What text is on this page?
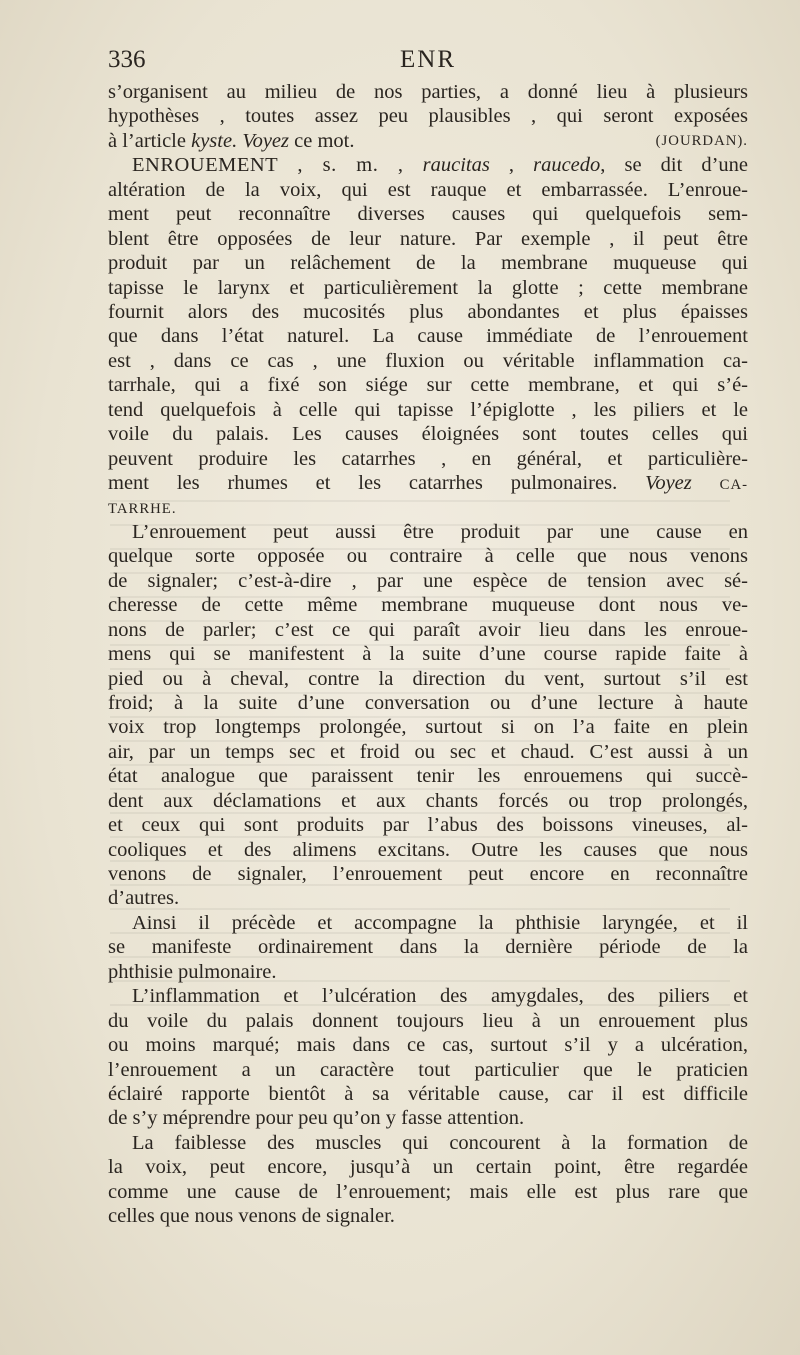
336	ENR
s’organisent au milieu de nos parties, a donné lieu à plusieurs
hypothèses , toutes assez peu plausibles , qui seront exposées
à l’article kyste. Voyez ce mot.	(JOURDAN).
ENROUEMENT , s. m. , raucitas , raucedo, se dit d’une
altération de la voix, qui est rauque et embarrassée. L’enroue-
ment peut reconnaître diverses causes qui quelquefois sem-
blent être opposées de leur nature. Par exemple , il peut être
produit par un relâchement de la membrane muqueuse qui
tapisse le larynx et particulièrement la glotte ; cette membrane
fournit alors des mucosités plus abondantes et plus épaisses
que dans l’état naturel. La cause immédiate de l’enrouement
est , dans ce cas , une fluxion ou véritable inflammation ca-
tarrhale, qui a fixé son siége sur cette membrane, et qui s’é-
tend quelquefois à celle qui tapisse l’épiglotte , les piliers et le
voile du palais. Les causes éloignées sont toutes celles qui
peuvent produire les catarrhes , en général, et particulière-
ment les rhumes et les catarrhes pulmonaires. Voyez CA-
TARRHE.
L’enrouement peut aussi être produit par une cause en
quelque sorte opposée ou contraire à celle que nous venons
de signaler; c’est-à-dire , par une espèce de tension avec sé-
cheresse de cette même membrane muqueuse dont nous ve-
nons de parler; c’est ce qui paraît avoir lieu dans les enroue-
mens qui se manifestent à la suite d’une course rapide faite à
pied ou à cheval, contre la direction du vent, surtout s’il est
froid; à la suite d’une conversation ou d’une lecture à haute
voix trop longtemps prolongée, surtout si on l’a faite en plein
air, par un temps sec et froid ou sec et chaud. C’est aussi à un
état analogue que paraissent tenir les enrouemens qui succè-
dent aux déclamations et aux chants forcés ou trop prolongés,
et ceux qui sont produits par l’abus des boissons vineuses, al-
cooliques et des alimens excitans. Outre les causes que nous
venons de signaler, l’enrouement peut encore en reconnaître
d’autres.
Ainsi il précède et accompagne la phthisie laryngée, et il
se manifeste ordinairement dans la dernière période de la
phthisie pulmonaire.
L’inflammation et l’ulcération des amygdales, des piliers et
du voile du palais donnent toujours lieu à un enrouement plus
ou moins marqué; mais dans ce cas, surtout s’il y a ulcération,
l’enrouement a un caractère tout particulier que le praticien
éclairé rapporte bientôt à sa véritable cause, car il est difficile
de s’y méprendre pour peu qu’on y fasse attention.
La faiblesse des muscles qui concourent à la formation de
la voix, peut encore, jusqu’à un certain point, être regardée
comme une cause de l’enrouement; mais elle est plus rare que
celles que nous venons de signaler.
